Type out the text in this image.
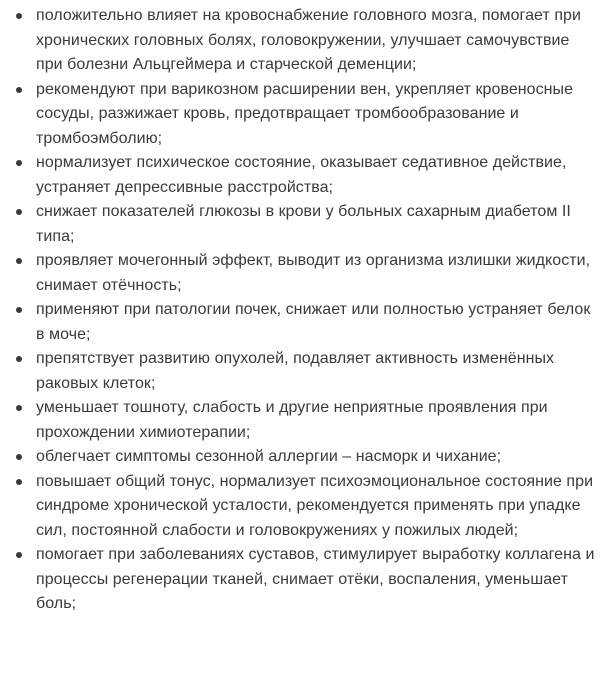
положительно влияет на кровоснабжение головного мозга, помогает при хронических головных болях, головокружении, улучшает самочувствие при болезни Альцгеймера и старческой деменции;
рекомендуют при варикозном расширении вен, укрепляет кровеносные сосуды, разжижает кровь, предотвращает тромбообразование и тромбоэмболию;
нормализует психическое состояние, оказывает седативное действие, устраняет депрессивные расстройства;
снижает показателей глюкозы в крови у больных сахарным диабетом II типа;
проявляет мочегонный эффект, выводит из организма излишки жидкости, снимает отёчность;
применяют при патологии почек, снижает или полностью устраняет белок в моче;
препятствует развитию опухолей, подавляет активность изменённых раковых клеток;
уменьшает тошноту, слабость и другие неприятные проявления при прохождении химиотерапии;
облегчает симптомы сезонной аллергии – насморк и чихание;
повышает общий тонус, нормализует психоэмоциональное состояние при синдроме хронической усталости, рекомендуется применять при упадке сил, постоянной слабости и головокружениях у пожилых людей;
помогает при заболеваниях суставов, стимулирует выработку коллагена и процессы регенерации тканей, снимает отёки, воспаления, уменьшает боль;
